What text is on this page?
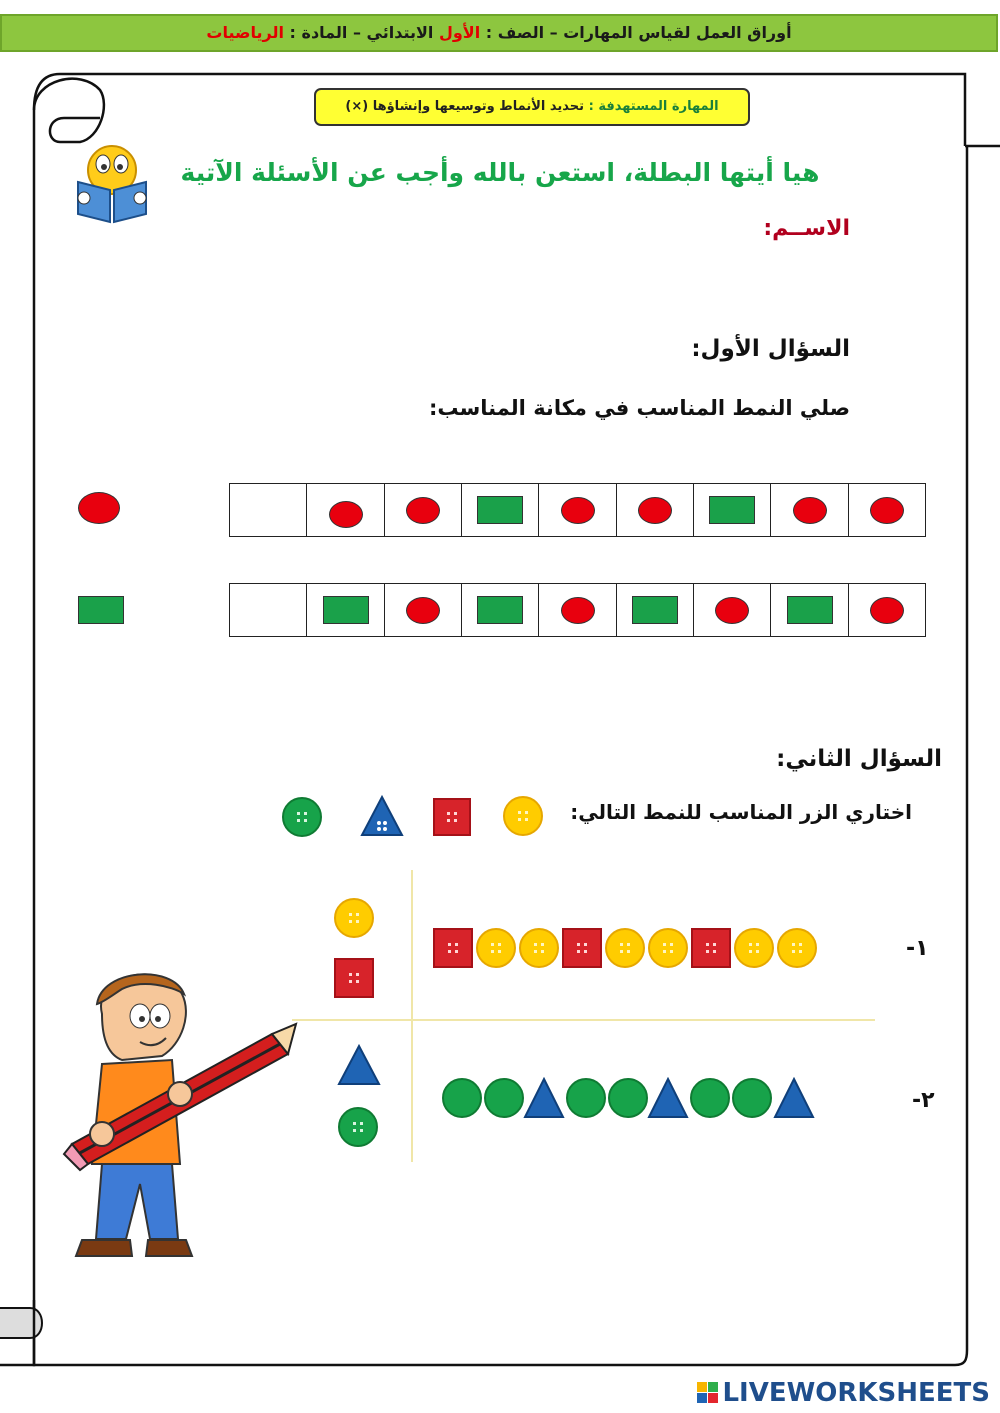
أوراق العمل لقياس المهارات – الصف : الأول الابتدائي – المادة : الرياضيات
المهارة المستهدفة : تحديد الأنماط وتوسيعها وإنشاؤها (×)
هيا أيتها البطلة، استعن بالله وأجب عن الأسئلة الآتية
الاســم:
السؤال الأول:
صلي النمط المناسب في مكانة المناسب:
السؤال الثاني:
اختاري الزر المناسب للنمط التالي:
١-
٢-
LIVEWORKSHEETS
